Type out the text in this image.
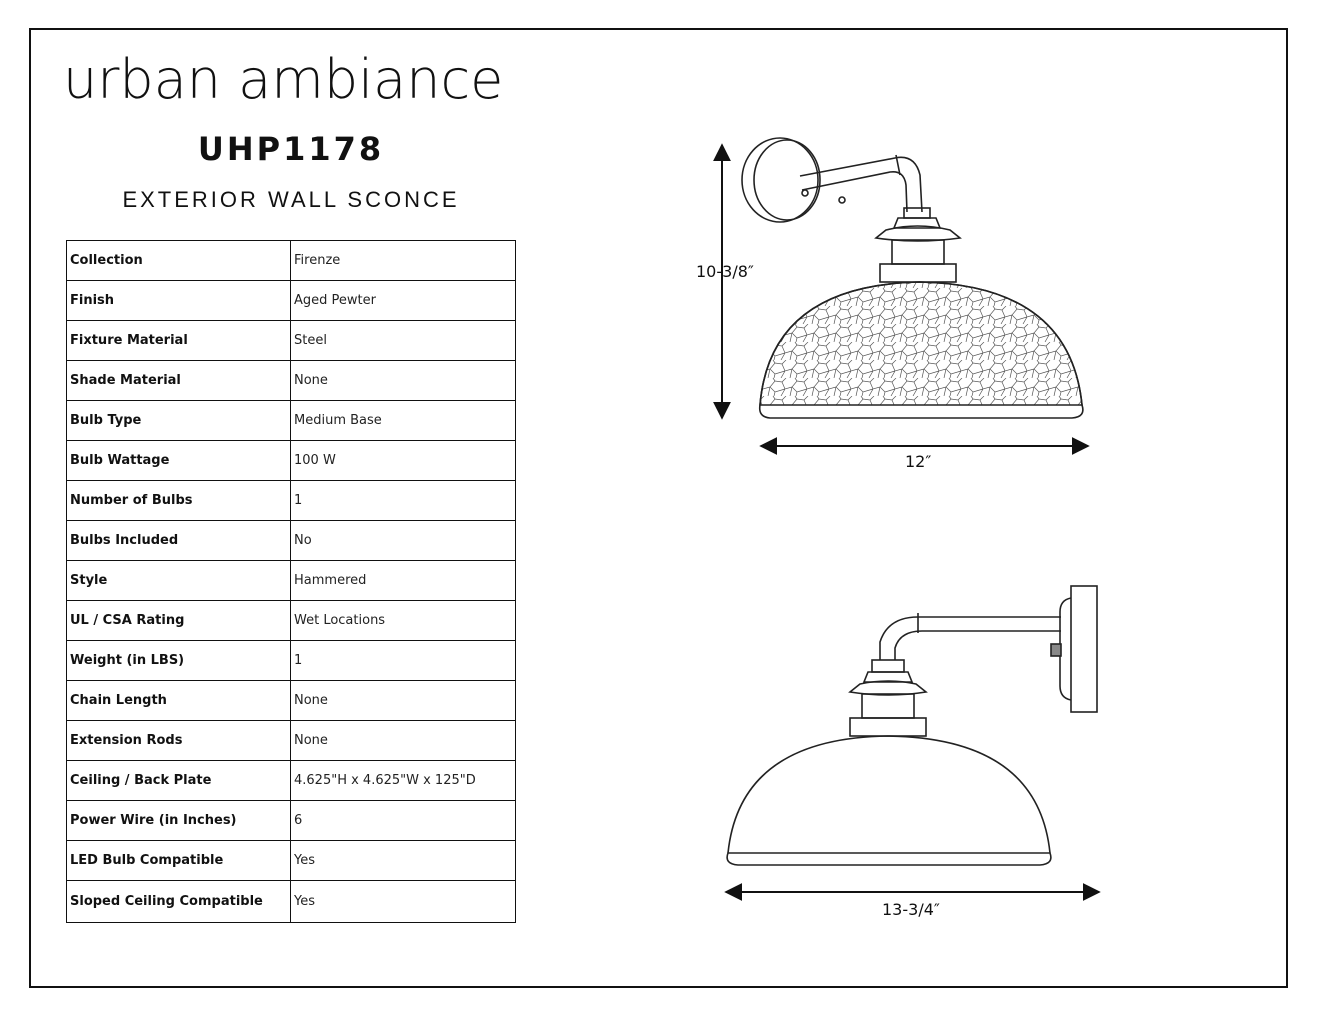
urban ambiance
UHP1178
EXTERIOR WALL SCONCE
Collection	Firenze
Finish	Aged Pewter
Fixture Material	Steel
Shade Material	None
Bulb Type	Medium Base
Bulb Wattage	100 W
Number of Bulbs	1
Bulbs Included	No
Style	Hammered
UL / CSA Rating	Wet Locations
Weight (in LBS)	1
Chain Length	None
Extension Rods	None
Ceiling / Back Plate	4.625"H x 4.625"W x 125"D
Power Wire (in Inches)	6
LED Bulb Compatible	Yes
Sloped Ceiling Compatible	Yes
10-3/8″
12″
13-3/4″
